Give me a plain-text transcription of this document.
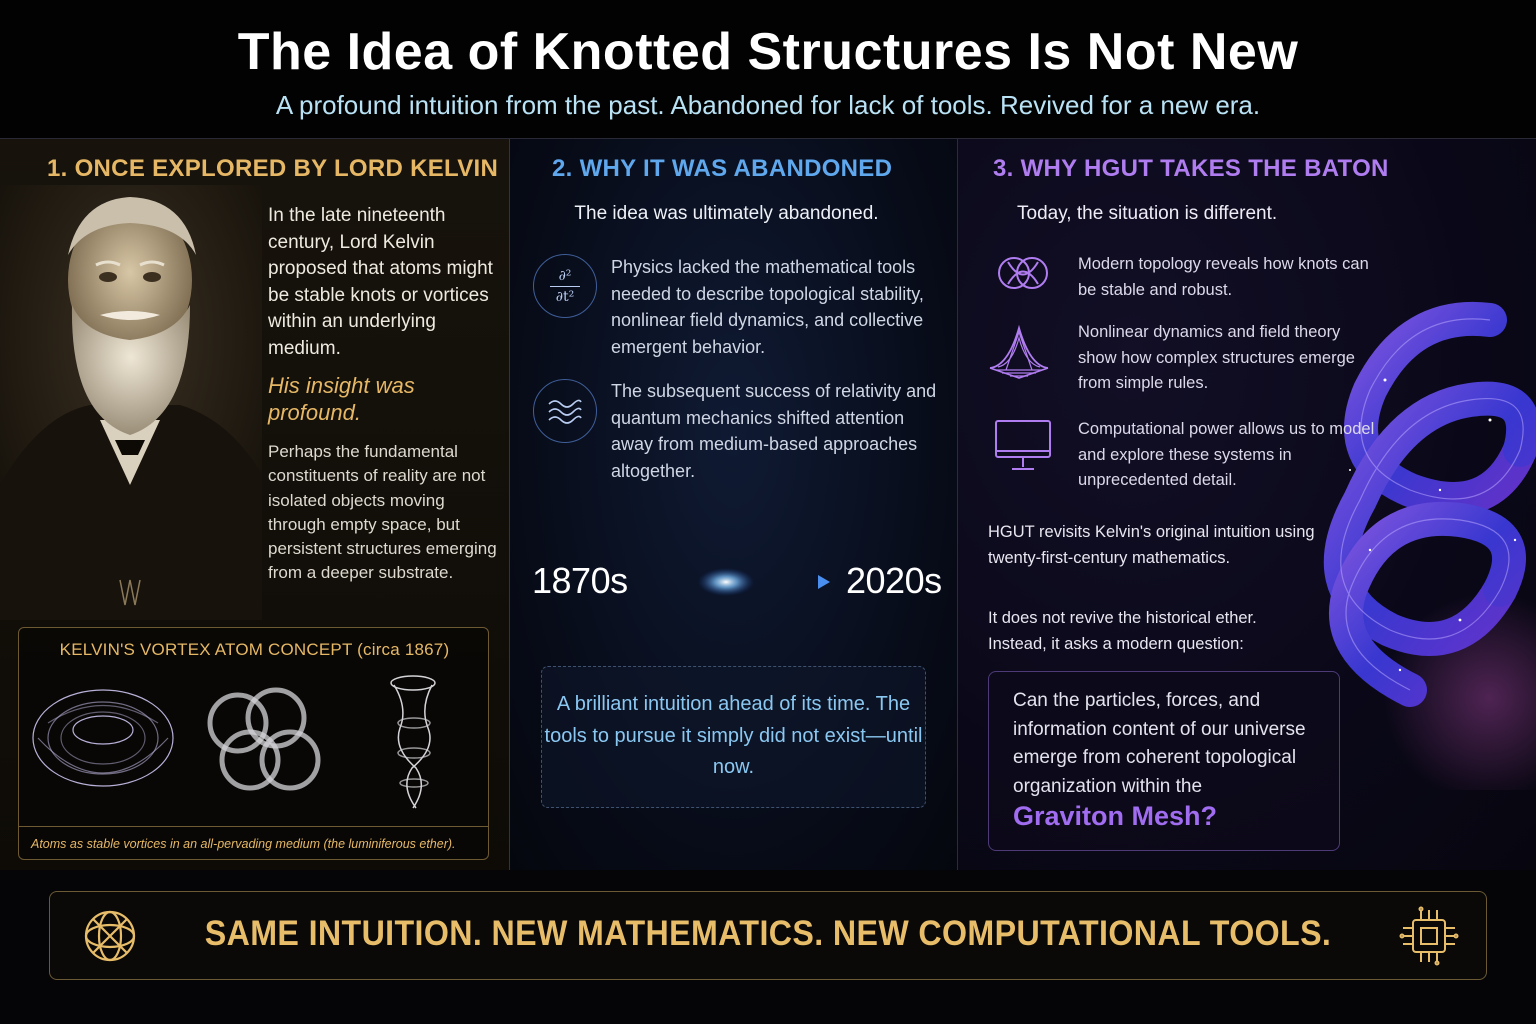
The Idea of Knotted Structures Is Not New
A profound intuition from the past. Abandoned for lack of tools. Revived for a new era.
1. ONCE EXPLORED BY LORD KELVIN
In the late nineteenth century, Lord Kelvin proposed that atoms might be stable knots or vortices within an underlying medium.
His insight was profound.
Perhaps the fundamental constituents of reality are not isolated objects moving through empty space, but persistent structures emerging from a deeper substrate.
KELVIN'S VORTEX ATOM CONCEPT (circa 1867)
Atoms as stable vortices in an all-pervading medium (the luminiferous ether).
2. WHY IT WAS ABANDONED
The idea was ultimately abandoned.
∂²
∂t²
Physics lacked the mathematical tools needed to describe topological stability, nonlinear field dynamics, and collective emergent behavior.
The subsequent success of relativity and quantum mechanics shifted attention away from medium-based approaches altogether.
1870s	2020s
A brilliant intuition ahead of its time. The tools to pursue it simply did not exist—until now.
3. WHY HGUT TAKES THE BATON
Today, the situation is different.
Modern topology reveals how knots can be stable and robust.
Nonlinear dynamics and field theory show how complex structures emerge from simple rules.
Computational power allows us to model and explore these systems in unprecedented detail.
HGUT revisits Kelvin's original intuition using twenty-first-century mathematics.
It does not revive the historical ether. Instead, it asks a modern question:
Can the particles, forces, and information content of our universe emerge from coherent topological organization within the
Graviton Mesh?
SAME INTUITION. NEW MATHEMATICS. NEW COMPUTATIONAL TOOLS.
